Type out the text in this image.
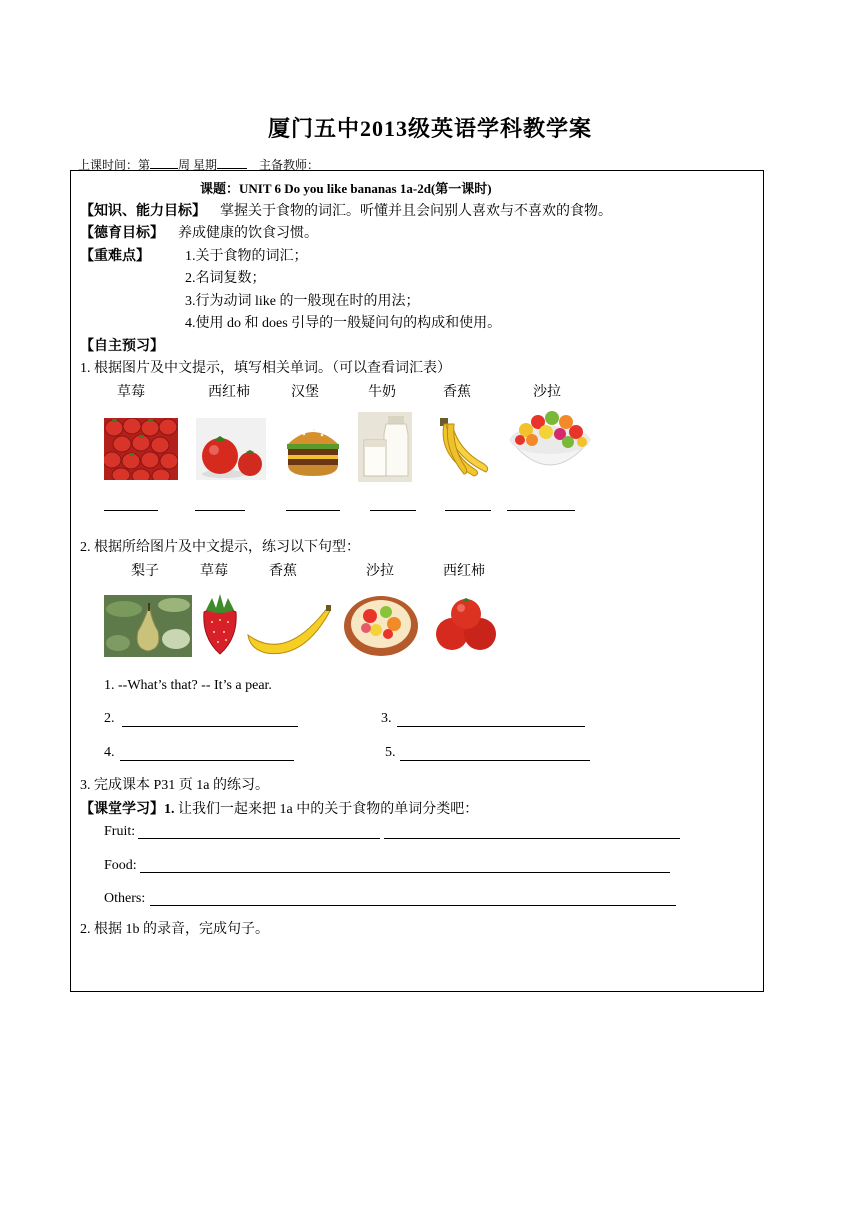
厦门五中2013级英语学科教学案
上课时间：第 周 星期	主备教师：
课题：UNIT 6 Do you like bananas 1a-2d(第一课时)
【知识、能力目标】 掌握关于食物的词汇。听懂并且会问别人喜欢与不喜欢的食物。
【德育目标】 养成健康的饮食习惯。
【重难点】	1.关于食物的词汇；
2.名词复数；
3.行为动词 like 的一般现在时的用法；
4.使用 do 和 does 引导的一般疑问句的构成和使用。
【自主预习】
1. 根据图片及中文提示，填写相关单词。（可以查看词汇表）
草莓	西红柿	汉堡	牛奶	香蕉	沙拉
2. 根据所给图片及中文提示，练习以下句型：
梨子	草莓	香蕉	沙拉	西红柿
1. --What’s that? -- It’s a pear.
2.	3.
4.	5.
3. 完成课本 P31 页 1a 的练习。
【课堂学习】1. 让我们一起来把 1a 中的关于食物的单词分类吧：
Fruit:
Food:
Others:
2. 根据 1b 的录音，完成句子。
